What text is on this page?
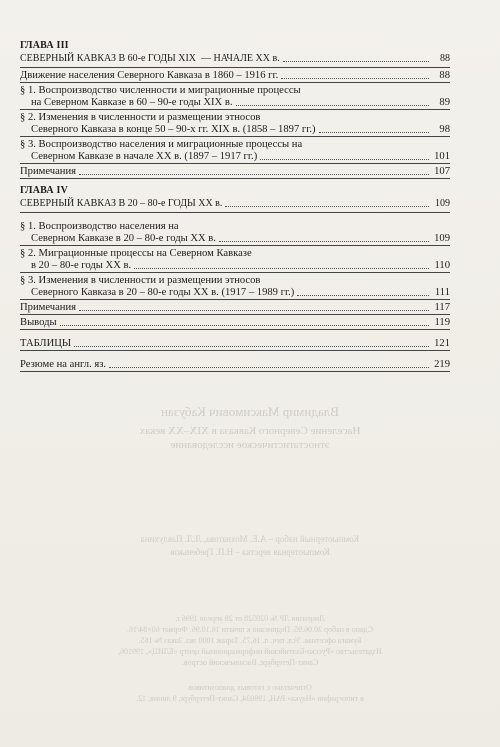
Владимир Максимович Кабузан
Население Северного Кавказа в XIX–XX веках
этностатистическое исследование
Компьютерный набор – А.Е. Мохнатова, Л.Л. Павлухина
Компьютерная верстка – Н.П. Гребеньков
Лицензия ЛР № 020528 от 28 апреля 1996 г.
Сдано в набор 30.06.95. Подписано к печати 16.10.96. Формат 60×84/16.
Бумага офсетная. Усл. печ. л. 16,75. Тираж 1000 экз. Заказ № 165.
Издательство «Русско-Балтийский информационный центр «БЛИЦ», 199106,
Санкт-Петербург, Васильевский остров.
Отпечатано с готовых диапозитивов
в типографии «Наука» РАН, 199034, Санкт-Петербург, 9 линия, 12.
ГЛАВА III
СЕВЕРНЫЙ КАВКАЗ В 60-е ГОДЫ XIX  — НАЧАЛЕ XX в.	88
Движение населения Северного Кавказа в 1860 – 1916 гг.	88
§ 1. Воспроизводство численности и миграционные процессы
на Северном Кавказе в 60 – 90-е годы XIX в.	89
§ 2. Изменения в численности и размещении этносов
Северного Кавказа в конце 50 – 90-х гг. XIX в. (1858 – 1897 гг.)	98
§ 3. Воспроизводство населения и миграционные процессы на
Северном Кавказе в начале XX в. (1897 – 1917 гг.)	101
Примечания	107
ГЛАВА IV
СЕВЕРНЫЙ КАВКАЗ В 20 – 80-е ГОДЫ XX в.	109
§ 1. Воспроизводство населения на
Северном Кавказе в 20 – 80-е годы XX в.	109
§ 2. Миграционные процессы на Северном Кавказе
в 20 – 80-е годы XX в.	110
§ 3. Изменения в численности и размещении этносов
Северного Кавказа в 20 – 80-е годы XX в. (1917 – 1989 гг.)	111
Примечания	117
Выводы	119
ТАБЛИЦЫ	121
Резюме на англ. яз.	219
